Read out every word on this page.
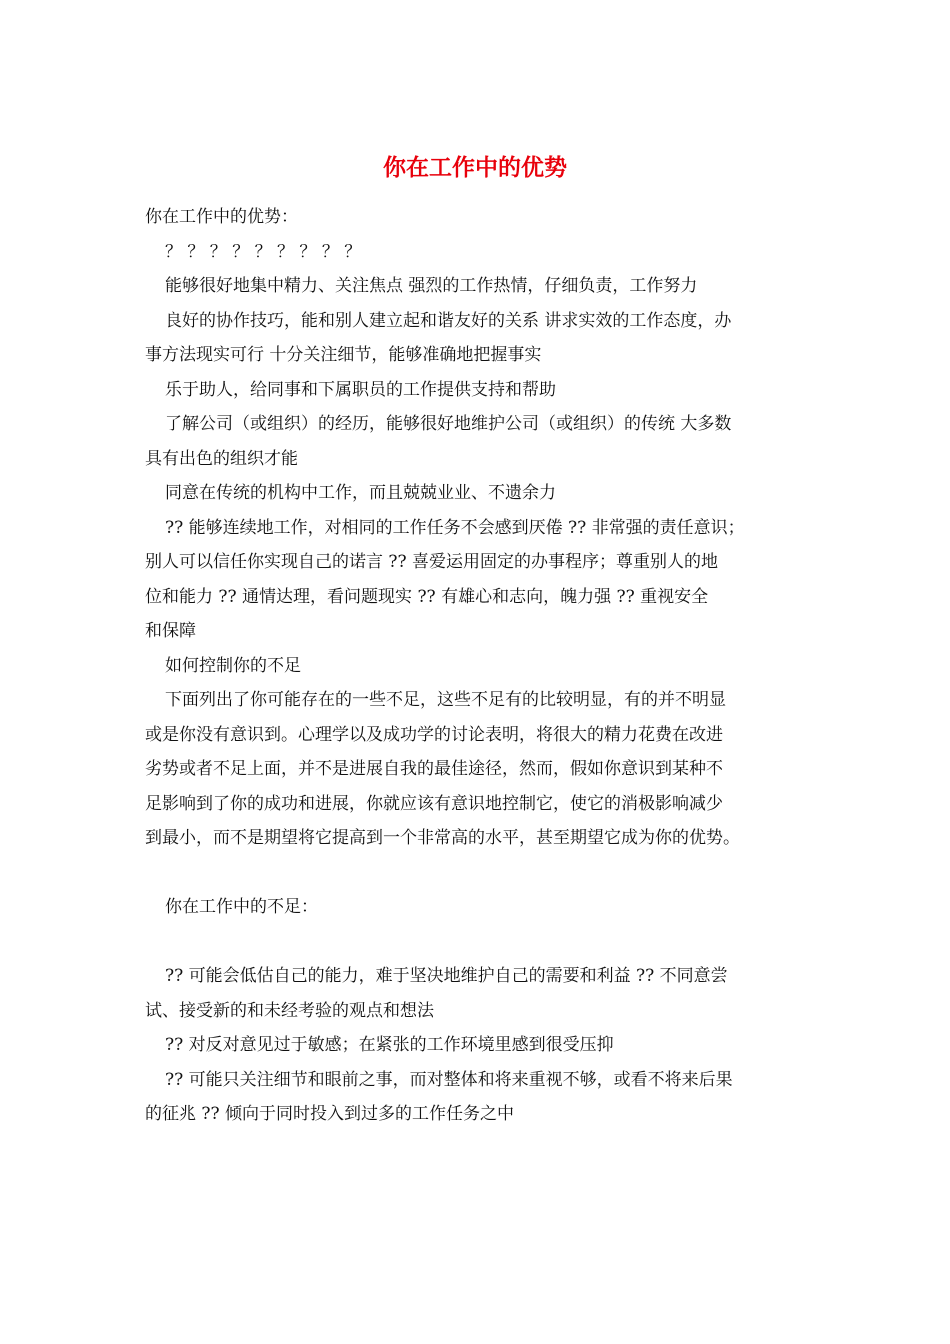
你在工作中的优势
你在工作中的优势：
？ ？ ？ ？ ？ ？ ？ ？ ？
能够很好地集中精力、关注焦点 强烈的工作热情，仔细负责，工作努力
良好的协作技巧，能和别人建立起和谐友好的关系 讲求实效的工作态度，办
事方法现实可行 十分关注细节，能够准确地把握事实
乐于助人，给同事和下属职员的工作提供支持和帮助
了解公司（或组织）的经历，能够很好地维护公司（或组织）的传统 大多数
具有出色的组织才能
同意在传统的机构中工作，而且兢兢业业、不遗余力
?? 能够连续地工作，对相同的工作任务不会感到厌倦 ?? 非常强的责任意识；
别人可以信任你实现自己的诺言 ?? 喜爱运用固定的办事程序；尊重别人的地
位和能力 ?? 通情达理，看问题现实 ?? 有雄心和志向，魄力强 ?? 重视安全
和保障
如何控制你的不足
下面列出了你可能存在的一些不足，这些不足有的比较明显，有的并不明显
或是你没有意识到。心理学以及成功学的讨论表明，将很大的精力花费在改进
劣势或者不足上面，并不是进展自我的最佳途径，然而，假如你意识到某种不
足影响到了你的成功和进展，你就应该有意识地控制它，使它的消极影响减少
到最小，而不是期望将它提高到一个非常高的水平，甚至期望它成为你的优势。
你在工作中的不足：
?? 可能会低估自己的能力，难于坚决地维护自己的需要和利益 ?? 不同意尝
试、接受新的和未经考验的观点和想法
?? 对反对意见过于敏感；在紧张的工作环境里感到很受压抑
?? 可能只关注细节和眼前之事，而对整体和将来重视不够，或看不将来后果
的征兆 ?? 倾向于同时投入到过多的工作任务之中
